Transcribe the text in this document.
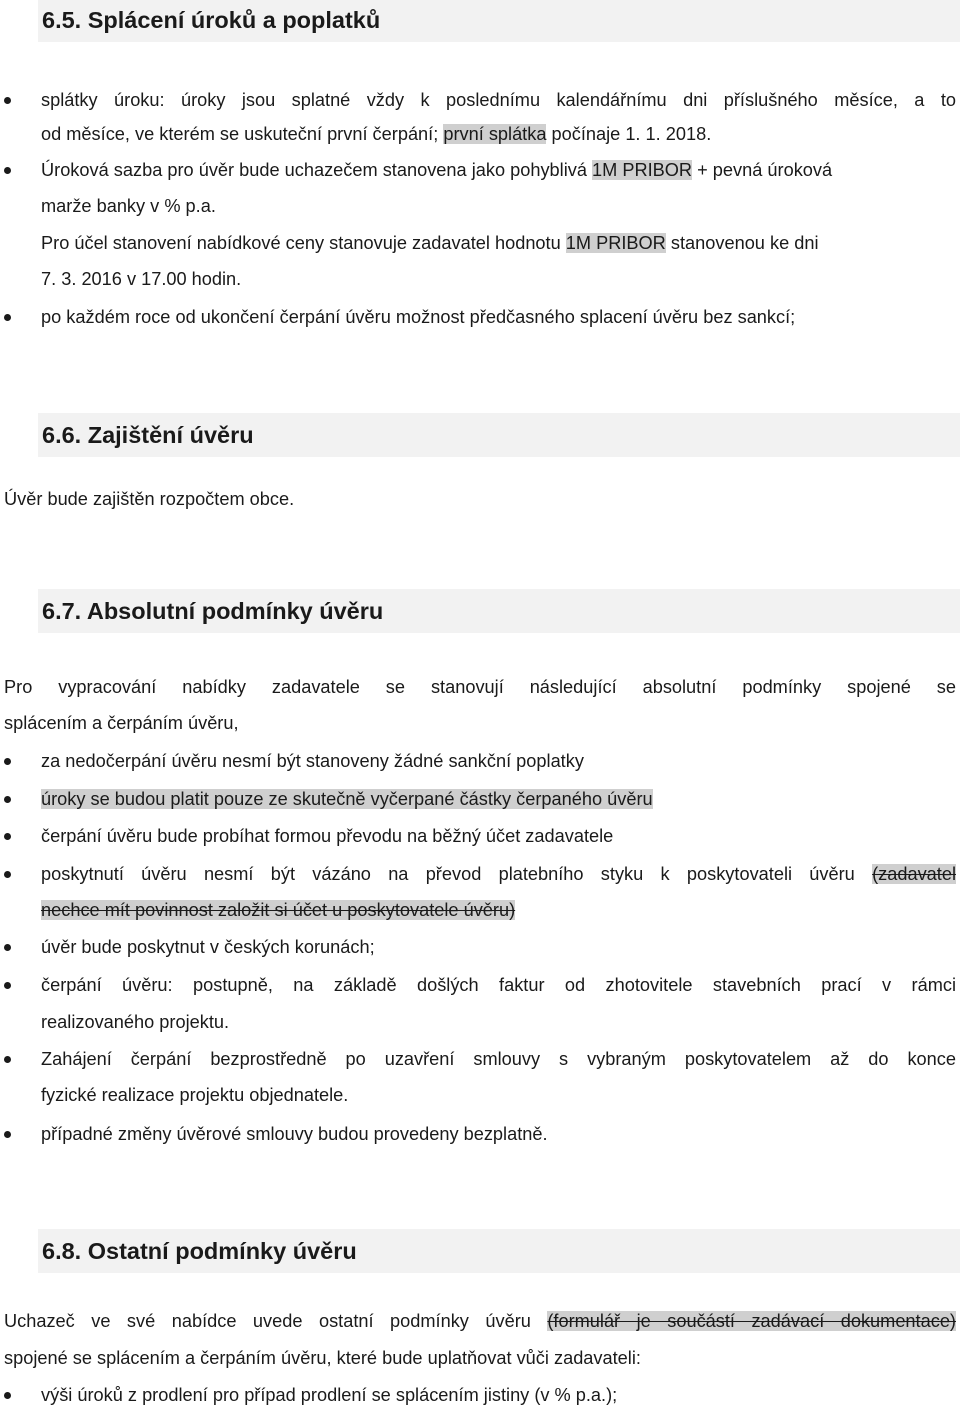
6.5. Splácení úroků a poplatků
splátky úroku: úroky jsou splatné vždy k poslednímu kalendářnímu dni příslušného měsíce, a to
od měsíce, ve kterém se uskuteční první čerpání; první splátka počínaje 1. 1. 2018.
Úroková sazba pro úvěr bude uchazečem stanovena jako pohyblivá 1M PRIBOR + pevná úroková
marže banky v % p.a.
Pro účel stanovení nabídkové ceny stanovuje zadavatel hodnotu 1M PRIBOR stanovenou ke dni
7. 3. 2016 v 17.00 hodin.
po každém roce od ukončení čerpání úvěru možnost předčasného splacení úvěru bez sankcí;
6.6. Zajištění úvěru
Úvěr bude zajištěn rozpočtem obce.
6.7. Absolutní podmínky úvěru
Pro vypracování nabídky zadavatele se stanovují následující absolutní podmínky spojené se
splácením a čerpáním úvěru,
za nedočerpání úvěru nesmí být stanoveny žádné sankční poplatky
úroky se budou platit pouze ze skutečně vyčerpané částky čerpaného úvěru
čerpání úvěru bude probíhat formou převodu na běžný účet zadavatele
poskytnutí úvěru nesmí být vázáno na převod platebního styku k poskytovateli úvěru (zadavatel
nechce mít povinnost založit si účet u poskytovatele úvěru)
úvěr bude poskytnut v českých korunách;
čerpání úvěru: postupně, na základě došlých faktur od zhotovitele stavebních prací v rámci
realizovaného projektu.
Zahájení čerpání bezprostředně po uzavření smlouvy s vybraným poskytovatelem až do konce
fyzické realizace projektu objednatele.
případné změny úvěrové smlouvy budou provedeny bezplatně.
6.8. Ostatní podmínky úvěru
Uchazeč ve své nabídce uvede ostatní podmínky úvěru (formulář je součástí zadávací dokumentace)
spojené se splácením a čerpáním úvěru, které bude uplatňovat vůči zadavateli:
výši úroků z prodlení pro případ prodlení se splácením jistiny (v % p.a.);
